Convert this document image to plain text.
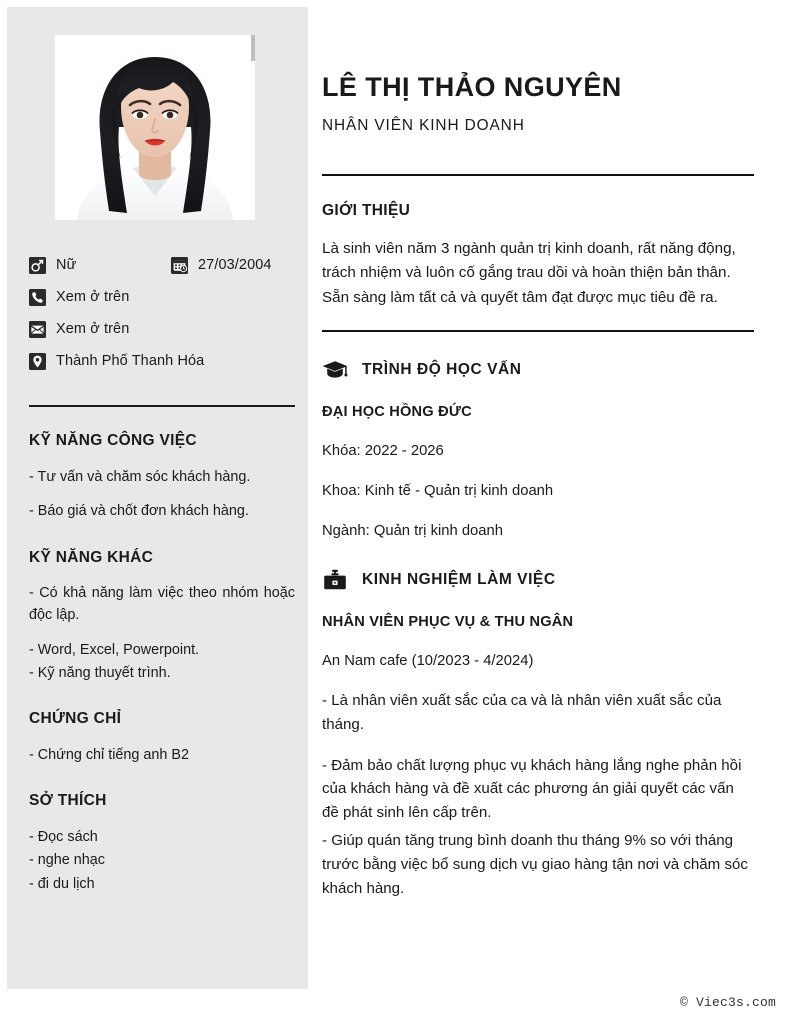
Nữ	27/03/2004
Xem ở trên
Xem ở trên
Thành Phố Thanh Hóa
KỸ NĂNG CÔNG VIỆC

- Tư vấn và chăm sóc khách hàng.

- Báo giá và chốt đơn khách hàng.

KỸ NĂNG KHÁC

- Có khả năng làm việc theo nhóm hoặc độc lập.

- Word, Excel, Powerpoint.

- Kỹ năng thuyết trình.

CHỨNG CHỈ

- Chứng chỉ tiếng anh B2

SỞ THÍCH

- Đọc sách

- nghe nhạc

- đi du lịch

LÊ THỊ THẢO NGUYÊN
NHÂN VIÊN KINH DOANH
GIỚI THIỆU

Là sinh viên năm 3 ngành quản trị kinh doanh, rất năng động, trách nhiệm và luôn cố gắng trau dồi và hoàn thiện bản thân. Sẵn sàng làm tất cả và quyết tâm đạt được mục tiêu đề ra.

TRÌNH ĐỘ HỌC VẤN
ĐẠI HỌC HỒNG ĐỨC

Khóa: 2022 - 2026

Khoa: Kinh tế - Quản trị kinh doanh

Ngành: Quản trị kinh doanh

KINH NGHIỆM LÀM VIỆC
NHÂN VIÊN PHỤC VỤ & THU NGÂN

An Nam cafe (10/2023 - 4/2024)

- Là nhân viên xuất sắc của ca và là nhân viên xuất sắc của tháng.

- Đảm bảo chất lượng phục vụ khách hàng lắng nghe phản hồi của khách hàng và đề xuất các phương án giải quyết các vấn đề phát sinh lên cấp trên.

- Giúp quán tăng trung bình doanh thu tháng 9% so với tháng trước bằng việc bổ sung dịch vụ giao hàng tận nơi và chăm sóc khách hàng.

© Viec3s.com
